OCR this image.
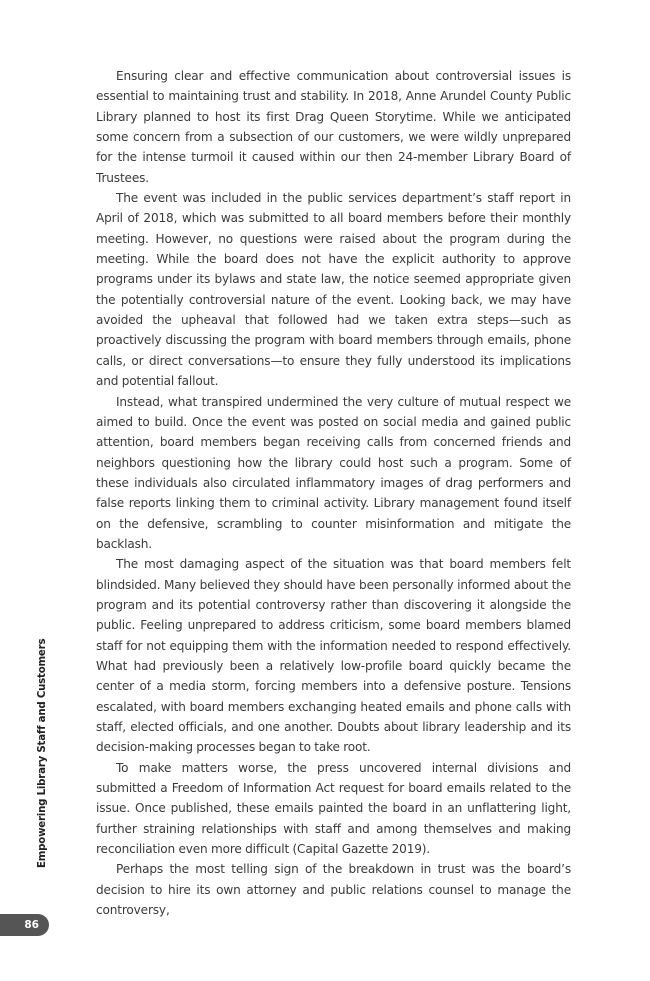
Ensuring clear and effective communication about controversial issues is essential to maintaining trust and stability. In 2018, Anne Arundel County Public Library planned to host its first Drag Queen Storytime. While we anticipated some concern from a subsection of our customers, we were wildly unprepared for the intense turmoil it caused within our then 24-member Library Board of Trustees.

The event was included in the public services department’s staff report in April of 2018, which was submitted to all board members before their monthly meeting. However, no questions were raised about the program during the meeting. While the board does not have the explicit authority to approve programs under its bylaws and state law, the notice seemed appropriate given the potentially controversial nature of the event. Looking back, we may have avoided the upheaval that followed had we taken extra steps—such as proactively discussing the program with board members through emails, phone calls, or direct conversations—to ensure they fully understood its implications and potential fallout.

Instead, what transpired undermined the very culture of mutual respect we aimed to build. Once the event was posted on social media and gained public attention, board members began receiving calls from concerned friends and neighbors questioning how the library could host such a program. Some of these individuals also circulated inflammatory images of drag performers and false reports linking them to criminal activity. Library management found itself on the defensive, scrambling to counter misinformation and mitigate the backlash.

The most damaging aspect of the situation was that board members felt blindsided. Many believed they should have been personally informed about the program and its potential controversy rather than discovering it alongside the public. Feeling unprepared to address criticism, some board members blamed staff for not equipping them with the information needed to respond effectively. What had previously been a relatively low-profile board quickly became the center of a media storm, forcing members into a defensive posture. Tensions escalated, with board members exchanging heated emails and phone calls with staff, elected officials, and one another. Doubts about library leadership and its decision-making processes began to take root.

To make matters worse, the press uncovered internal divisions and submitted a Freedom of Information Act request for board emails related to the issue. Once published, these emails painted the board in an unflattering light, further straining relationships with staff and among themselves and making reconciliation even more difficult (Capital Gazette 2019).

Perhaps the most telling sign of the breakdown in trust was the board’s decision to hire its own attorney and public relations counsel to manage the controversy,

Empowering Library Staff and Customers
86
